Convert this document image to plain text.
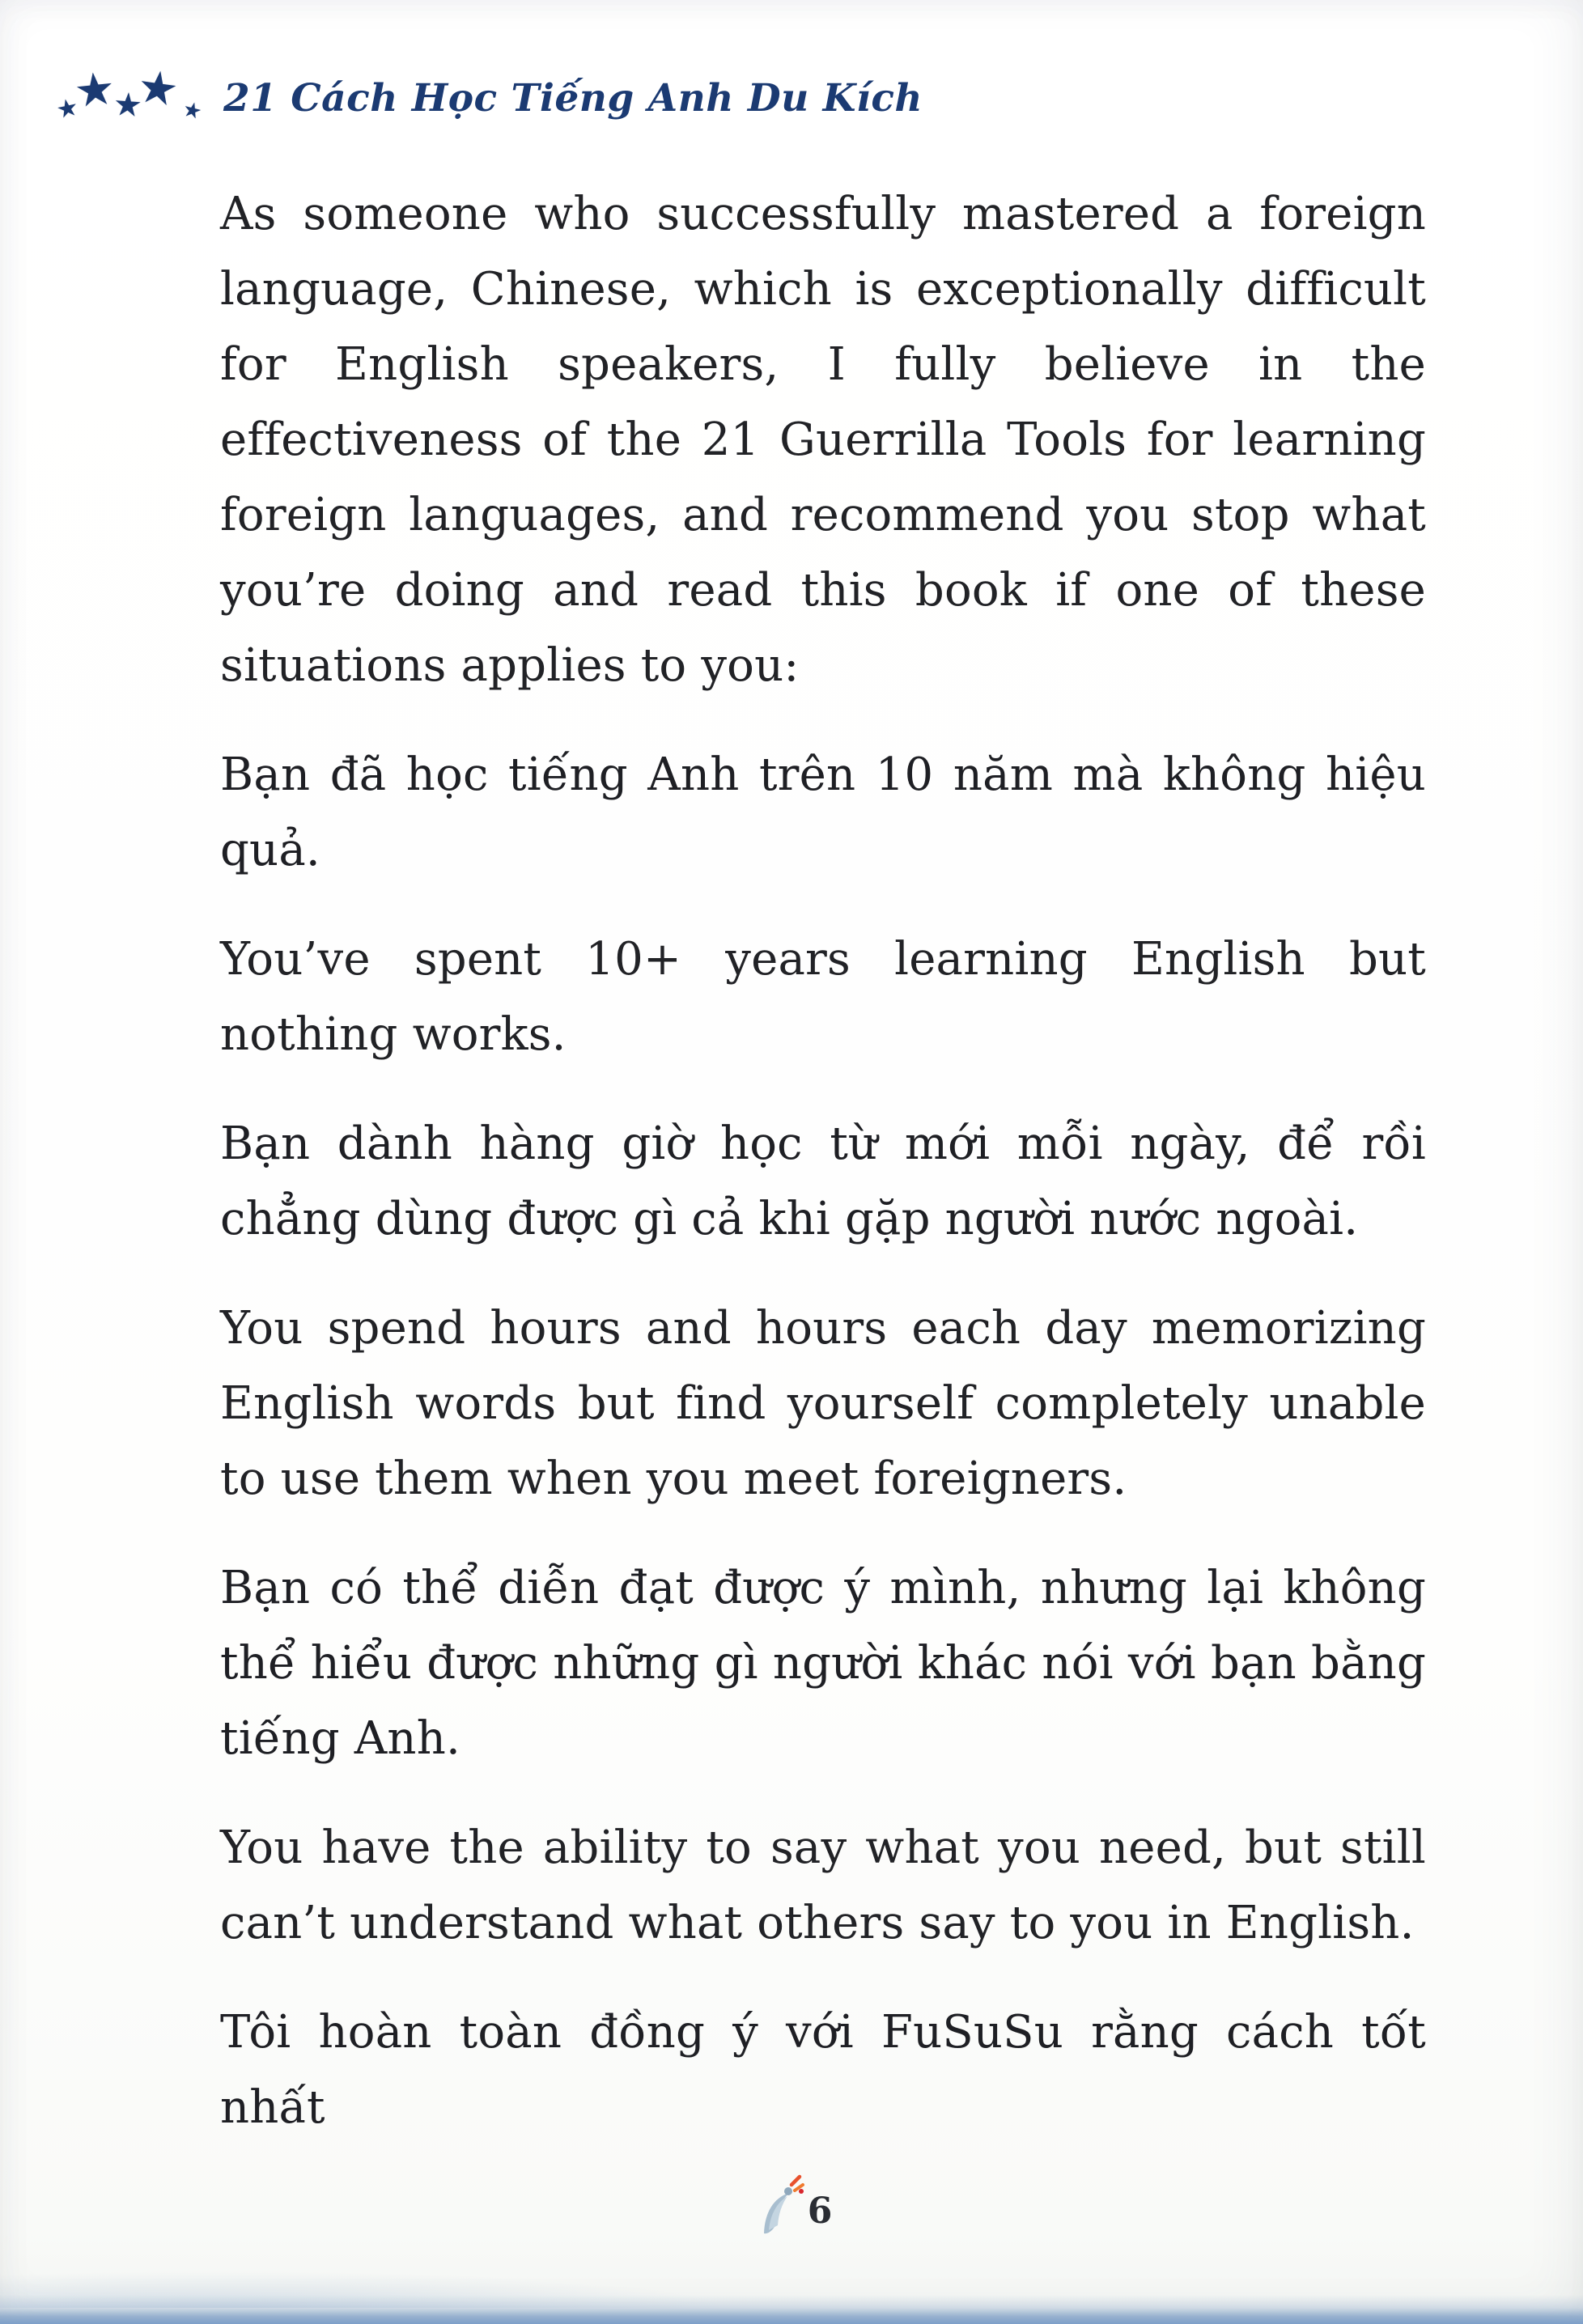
★
★
★
★
★ 21 Cách Học Tiếng Anh Du Kích

As someone who successfully mastered a foreign language, Chinese, which is exceptionally difficult for English speakers, I fully believe in the effectiveness of the 21 Guerrilla Tools for learning foreign languages, and recommend you stop what you’re doing and read this book if one of these situations applies to you:

Bạn đã học tiếng Anh trên 10 năm mà không hiệu quả.

You’ve spent 10+ years learning English but nothing works.

Bạn dành hàng giờ học từ mới mỗi ngày, để rồi chẳng dùng được gì cả khi gặp người nước ngoài.

You spend hours and hours each day memorizing English words but find yourself completely unable to use them when you meet foreigners.

Bạn có thể diễn đạt được ý mình, nhưng lại không thể hiểu được những gì người khác nói với bạn bằng tiếng Anh.

You have the ability to say what you need, but still can’t understand what others say to you in English.

Tôi hoàn toàn đồng ý với FuSuSu rằng cách tốt nhất

6
